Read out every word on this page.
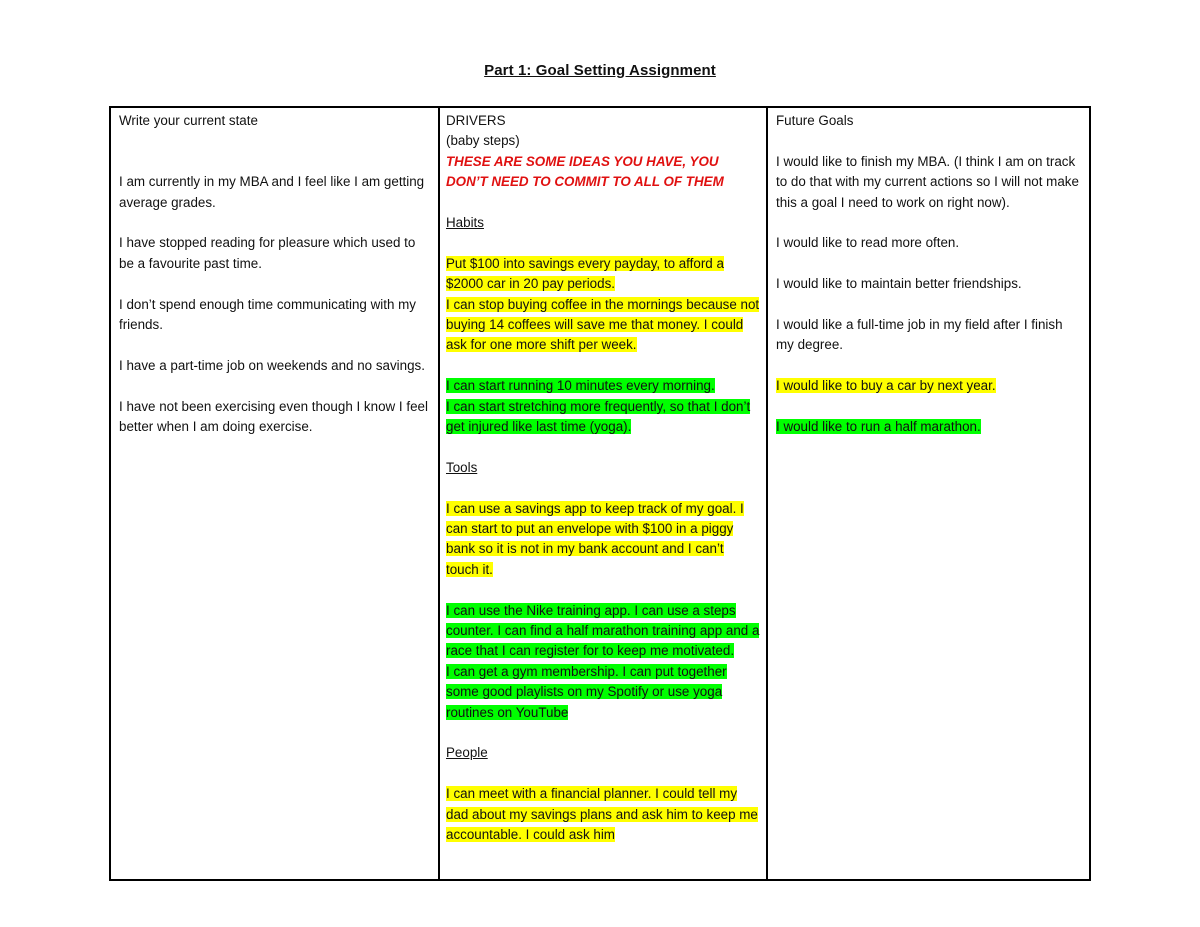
Part 1: Goal Setting Assignment
Write your current state
I am currently in my MBA and I feel like I am getting average grades.
I have stopped reading for pleasure which used to be a favourite past time.
I don’t spend enough time communicating with my friends.
I have a part-time job on weekends and no savings.
I have not been exercising even though I know I feel better when I am doing exercise.
DRIVERS
(baby steps)
THESE ARE SOME IDEAS YOU HAVE, YOU DON’T NEED TO COMMIT TO ALL OF THEM
Habits
Put $100 into savings every payday, to afford a $2000 car in 20 pay periods.
I can stop buying coffee in the mornings because not buying 14 coffees will save me that money. I could ask for one more shift per week.
I can start running 10 minutes every morning.
I can start stretching more frequently, so that I don’t get injured like last time (yoga).
Tools
I can use a savings app to keep track of my goal. I can start to put an envelope with $100 in a piggy bank so it is not in my bank account and I can’t touch it.
I can use the Nike training app. I can use a steps counter. I can find a half marathon training app and a race that I can register for to keep me motivated.
I can get a gym membership. I can put together some good playlists on my Spotify or use yoga routines on YouTube
People
I can meet with a financial planner. I could tell my dad about my savings plans and ask him to keep me accountable. I could ask him
Future Goals
I would like to finish my MBA. (I think I am on track to do that with my current actions so I will not make this a goal I need to work on right now).
I would like to read more often.
I would like to maintain better friendships.
I would like a full-time job in my field after I finish my degree.
I would like to buy a car by next year.
I would like to run a half marathon.
